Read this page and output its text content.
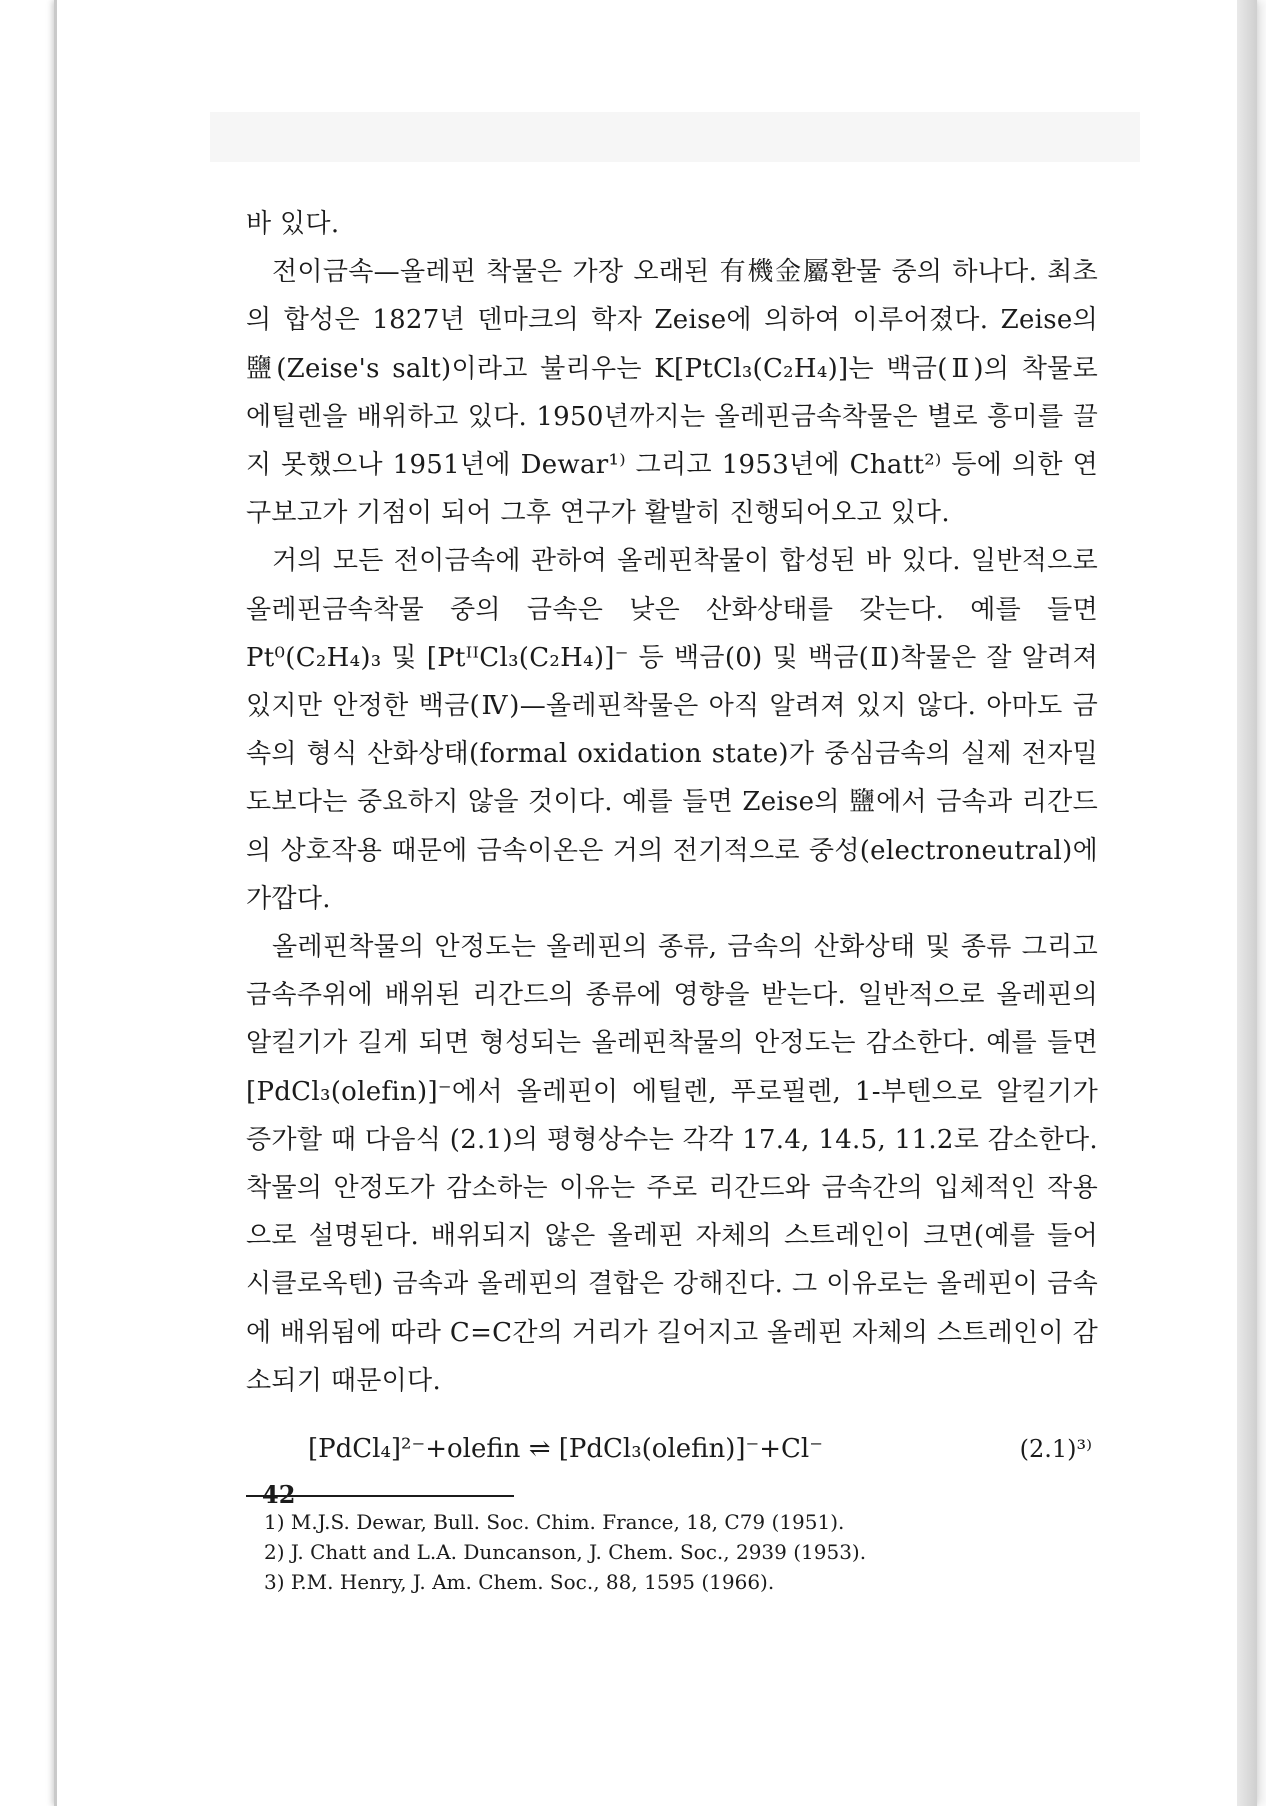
바 있다.

전이금속—올레핀 착물은 가장 오래된 有機金屬환물 중의 하나다. 최초의 합성은 1827년 덴마크의 학자 Zeise에 의하여 이루어졌다. Zeise의 鹽(Zeise's salt)이라고 불리우는 K[PtCl₃(C₂H₄)]는 백금(Ⅱ)의 착물로 에틸렌을 배위하고 있다. 1950년까지는 올레핀금속착물은 별로 흥미를 끌지 못했으나 1951년에 Dewar¹⁾ 그리고 1953년에 Chatt²⁾ 등에 의한 연구보고가 기점이 되어 그후 연구가 활발히 진행되어오고 있다.

거의 모든 전이금속에 관하여 올레핀착물이 합성된 바 있다. 일반적으로 올레핀금속착물 중의 금속은 낮은 산화상태를 갖는다. 예를 들면 Pt⁰(C₂H₄)₃ 및 [PtᴵᴵCl₃(C₂H₄)]⁻ 등 백금(0) 및 백금(Ⅱ)착물은 잘 알려져 있지만 안정한 백금(Ⅳ)—올레핀착물은 아직 알려져 있지 않다. 아마도 금속의 형식 산화상태(formal oxidation state)가 중심금속의 실제 전자밀도보다는 중요하지 않을 것이다. 예를 들면 Zeise의 鹽에서 금속과 리간드의 상호작용 때문에 금속이온은 거의 전기적으로 중성(electroneutral)에 가깝다.

올레핀착물의 안정도는 올레핀의 종류, 금속의 산화상태 및 종류 그리고 금속주위에 배위된 리간드의 종류에 영향을 받는다. 일반적으로 올레핀의 알킬기가 길게 되면 형성되는 올레핀착물의 안정도는 감소한다. 예를 들면 [PdCl₃(olefin)]⁻에서 올레핀이 에틸렌, 푸로필렌, 1-부텐으로 알킬기가 증가할 때 다음식 (2.1)의 평형상수는 각각 17.4, 14.5, 11.2로 감소한다. 착물의 안정도가 감소하는 이유는 주로 리간드와 금속간의 입체적인 작용으로 설명된다. 배위되지 않은 올레핀 자체의 스트레인이 크면(예를 들어 시클로옥텐) 금속과 올레핀의 결합은 강해진다. 그 이유로는 올레핀이 금속에 배위됨에 따라 C=C간의 거리가 길어지고 올레핀 자체의 스트레인이 감소되기 때문이다.

[PdCl₄]²⁻+olefin ⇌ [PdCl₃(olefin)]⁻+Cl⁻	(2.1)³⁾
1) M.J.S. Dewar, Bull. Soc. Chim. France, 18, C79 (1951).
2) J. Chatt and L.A. Duncanson, J. Chem. Soc., 2939 (1953).
3) P.M. Henry, J. Am. Chem. Soc., 88, 1595 (1966).
42
